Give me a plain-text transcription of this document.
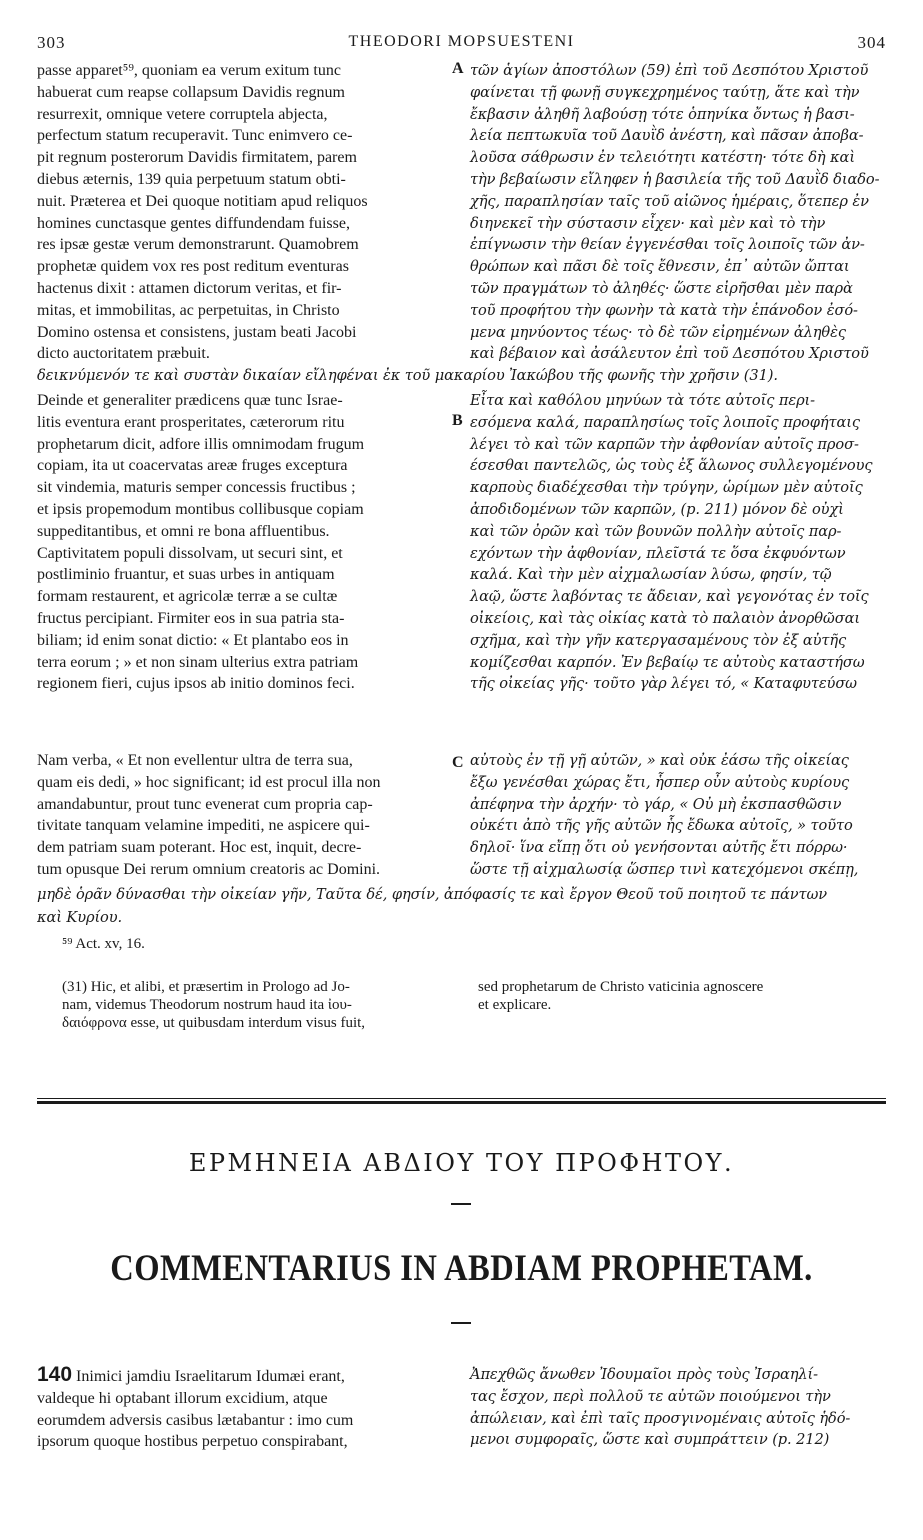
303	THEODORI MOPSUESTENI	304

passe apparet⁵⁹, quoniam ea verum exitum tunc

habuerat cum reapse collapsum Davidis regnum

resurrexit, omnique vetere corruptela abjecta,

perfectum statum recuperavit. Tunc enimvero ce-

pit regnum posterorum Davidis firmitatem, parem

diebus æternis, 139 quia perpetuum statum obti-

nuit. Præterea et Dei quoque notitiam apud reliquos

homines cunctasque gentes diffundendam fuisse,

res ipsæ gestæ verum demonstrarunt. Quamobrem

prophetæ quidem vox res post reditum eventuras

hactenus dixit : attamen dictorum veritas, et fir-

mitas, et immobilitas, ac perpetuitas, in Christo

Domino ostensa et consistens, justam beati Jacobi

dicto auctoritatem præbuit.

A τῶν ἁγίων ἀποστόλων (59) ἐπὶ τοῦ Δεσπότου Χριστοῦ

φαίνεται τῇ φωνῇ συγκεχρημένος ταύτῃ, ἅτε καὶ τὴν

ἔκβασιν ἀληθῆ λαβούσῃ τότε ὁπηνίκα ὄντως ἡ βασι-

λεία πεπτωκυῖα τοῦ Δαυῒδ ἀνέστη, καὶ πᾶσαν ἀποβα-

λοῦσα σάθρωσιν ἐν τελειότητι κατέστη· τότε δὴ καὶ

τὴν βεβαίωσιν εἴληφεν ἡ βασιλεία τῆς τοῦ Δαυῒδ διαδο-

χῆς, παραπλησίαν ταῖς τοῦ αἰῶνος ἡμέραις, ὅτεπερ ἐν

διηνεκεῖ τὴν σύστασιν εἶχεν· καὶ μὲν καὶ τὸ τὴν

ἐπίγνωσιν τὴν θείαν ἐγγενέσθαι τοῖς λοιποῖς τῶν ἀν-

θρώπων καὶ πᾶσι δὲ τοῖς ἔθνεσιν, ἐπ᾽ αὐτῶν ὤπται

τῶν πραγμάτων τὸ ἀληθές· ὥστε εἰρῆσθαι μὲν παρὰ

τοῦ προφήτου τὴν φωνὴν τὰ κατὰ τὴν ἐπάνοδον ἐσό-

μενα μηνύοντος τέως· τὸ δὲ τῶν εἰρημένων ἀληθὲς

καὶ βέβαιον καὶ ἀσάλευτον ἐπὶ τοῦ Δεσπότου Χριστοῦ

δεικνύμενόν τε καὶ συστὰν δικαίαν εἴληφέναι ἐκ τοῦ μακαρίου Ἰακώβου τῆς φωνῆς τὴν χρῆσιν (31).

Deinde et generaliter prædicens quæ tunc Israe-

litis eventura erant prosperitates, cæterorum ritu

prophetarum dicit, adfore illis omnimodam frugum

copiam, ita ut coacervatas areæ fruges exceptura

sit vindemia, maturis semper concessis fructibus ;

et ipsis propemodum montibus collibusque copiam

suppeditantibus, et omni re bona affluentibus.

Captivitatem populi dissolvam, ut securi sint, et

postliminio fruantur, et suas urbes in antiquam

formam restaurent, et agricolæ terræ a se cultæ

fructus percipiant. Firmiter eos in sua patria sta-

biliam; id enim sonat dictio: « Et plantabo eos in

terra eorum ; » et non sinam ulterius extra patriam

regionem fieri, cujus ipsos ab initio dominos feci.

B

Εἶτα καὶ καθόλου μηνύων τὰ τότε αὐτοῖς περι-

εσόμενα καλά, παραπλησίως τοῖς λοιποῖς προφήταις

λέγει τὸ καὶ τῶν καρπῶν τὴν ἀφθονίαν αὐτοῖς προσ-

έσεσθαι παντελῶς, ὡς τοὺς ἐξ ἅλωνος συλλεγομένους

καρποὺς διαδέχεσθαι τὴν τρύγην, ὡρίμων μὲν αὐτοῖς

ἀποδιδομένων τῶν καρπῶν, (p. 211) μόνον δὲ οὐχὶ

καὶ τῶν ὀρῶν καὶ τῶν βουνῶν πολλὴν αὐτοῖς παρ-

εχόντων τὴν ἀφθονίαν, πλεῖστά τε ὅσα ἐκφυόντων

καλά. Καὶ τὴν μὲν αἰχμαλωσίαν λύσω, φησίν, τῷ

λαῷ, ὥστε λαβόντας τε ἄδειαν, καὶ γεγονότας ἐν τοῖς

οἰκείοις, καὶ τὰς οἰκίας κατὰ τὸ παλαιὸν ἀνορθῶσαι

σχῆμα, καὶ τὴν γῆν κατεργασαμένους τὸν ἐξ αὐτῆς

κομίζεσθαι καρπόν. Ἐν βεβαίῳ τε αὐτοὺς καταστήσω

τῆς οἰκείας γῆς· τοῦτο γὰρ λέγει τό, « Καταφυτεύσω

Nam verba, « Et non evellentur ultra de terra sua,

quam eis dedi, » hoc significant; id est procul illa non

amandabuntur, prout tunc evenerat cum propria cap-

tivitate tanquam velamine impediti, ne aspicere qui-

dem patriam suam poterant. Hoc est, inquit, decre-

tum opusque Dei rerum omnium creatoris ac Domini.

C αὐτοὺς ἐν τῇ γῇ αὐτῶν, » καὶ οὐκ ἐάσω τῆς οἰκείας

ἔξω γενέσθαι χώρας ἔτι, ἧσπερ οὖν αὐτοὺς κυρίους

ἀπέφηνα τὴν ἀρχήν· τὸ γάρ, « Οὐ μὴ ἐκσπασθῶσιν

οὐκέτι ἀπὸ τῆς γῆς αὐτῶν ἧς ἔδωκα αὐτοῖς, » τοῦτο

δηλοῖ· ἵνα εἴπῃ ὅτι οὐ γενήσονται αὐτῆς ἔτι πόρρω·

ὥστε τῇ αἰχμαλωσίᾳ ὥσπερ τινὶ κατεχόμενοι σκέπῃ,

μηδὲ ὁρᾶν δύνασθαι τὴν οἰκείαν γῆν, Ταῦτα δέ, φησίν, ἀπόφασίς τε καὶ ἔργον Θεοῦ τοῦ ποιητοῦ τε πάντων
καὶ Κυρίου.

⁵⁹ Act. xv, 16.

(31) Hic, et alibi, et præsertim in Prologo ad Jo-

nam, videmus Theodorum nostrum haud ita ἰου-

δαιόφρονα esse, ut quibusdam interdum visus fuit,

sed prophetarum de Christo vaticinia agnoscere

et explicare.

ΕΡΜΗΝΕΙΑ ΑΒΔΙΟΥ ΤΟΥ ΠΡΟΦΗΤΟΥ.
COMMENTARIUS IN ABDIAM PROPHETAM.

140 Inimici jamdiu Israelitarum Idumæi erant,

valdeque hi optabant illorum excidium, atque

eorumdem adversis casibus lætabantur : imo cum

ipsorum quoque hostibus perpetuo conspirabant,

Ἀπεχθῶς ἄνωθεν Ἰδουμαῖοι πρὸς τοὺς Ἰσραηλί-

τας ἔσχον, περὶ πολλοῦ τε αὐτῶν ποιούμενοι τὴν

ἀπώλειαν, καὶ ἐπὶ ταῖς προσγινομέναις αὐτοῖς ἡδό-

μενοι συμφοραῖς, ὥστε καὶ συμπράττειν (p. 212)
